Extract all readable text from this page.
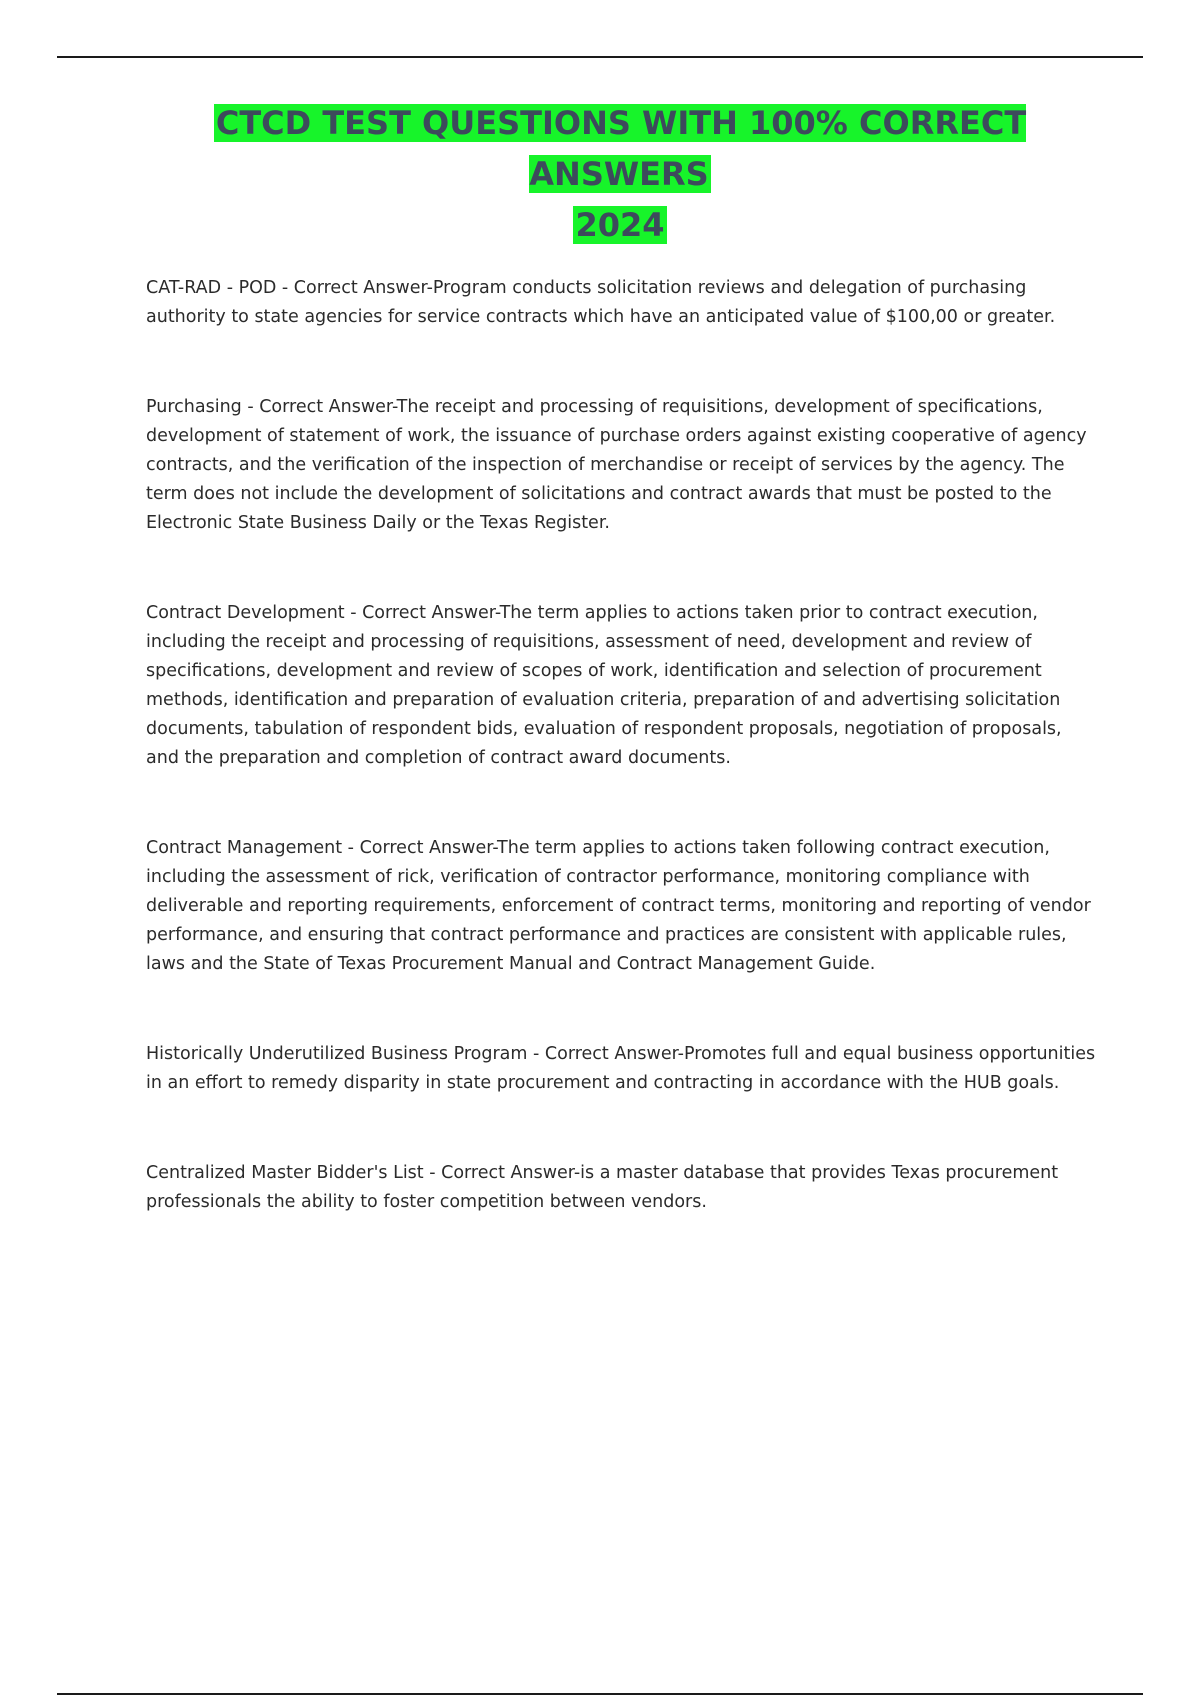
CTCD TEST QUESTIONS WITH 100% CORRECT ANSWERS
2024

CAT-RAD - POD - Correct Answer-Program conducts solicitation reviews and delegation of purchasing authority to state agencies for service contracts which have an anticipated value of $100,00 or greater.

Purchasing - Correct Answer-The receipt and processing of requisitions, development of specifications, development of statement of work, the issuance of purchase orders against existing cooperative of agency contracts, and the verification of the inspection of merchandise or receipt of services by the agency. The term does not include the development of solicitations and contract awards that must be posted to the Electronic State Business Daily or the Texas Register.

Contract Development - Correct Answer-The term applies to actions taken prior to contract execution, including the receipt and processing of requisitions, assessment of need, development and review of specifications, development and review of scopes of work, identification and selection of procurement methods, identification and preparation of evaluation criteria, preparation of and advertising solicitation documents, tabulation of respondent bids, evaluation of respondent proposals, negotiation of proposals, and the preparation and completion of contract award documents.

Contract Management - Correct Answer-The term applies to actions taken following contract execution, including the assessment of rick, verification of contractor performance, monitoring compliance with deliverable and reporting requirements, enforcement of contract terms, monitoring and reporting of vendor performance, and ensuring that contract performance and practices are consistent with applicable rules, laws and the State of Texas Procurement Manual and Contract Management Guide.

Historically Underutilized Business Program - Correct Answer-Promotes full and equal business opportunities in an effort to remedy disparity in state procurement and contracting in accordance with the HUB goals.

Centralized Master Bidder's List - Correct Answer-is a master database that provides Texas procurement professionals the ability to foster competition between vendors.
